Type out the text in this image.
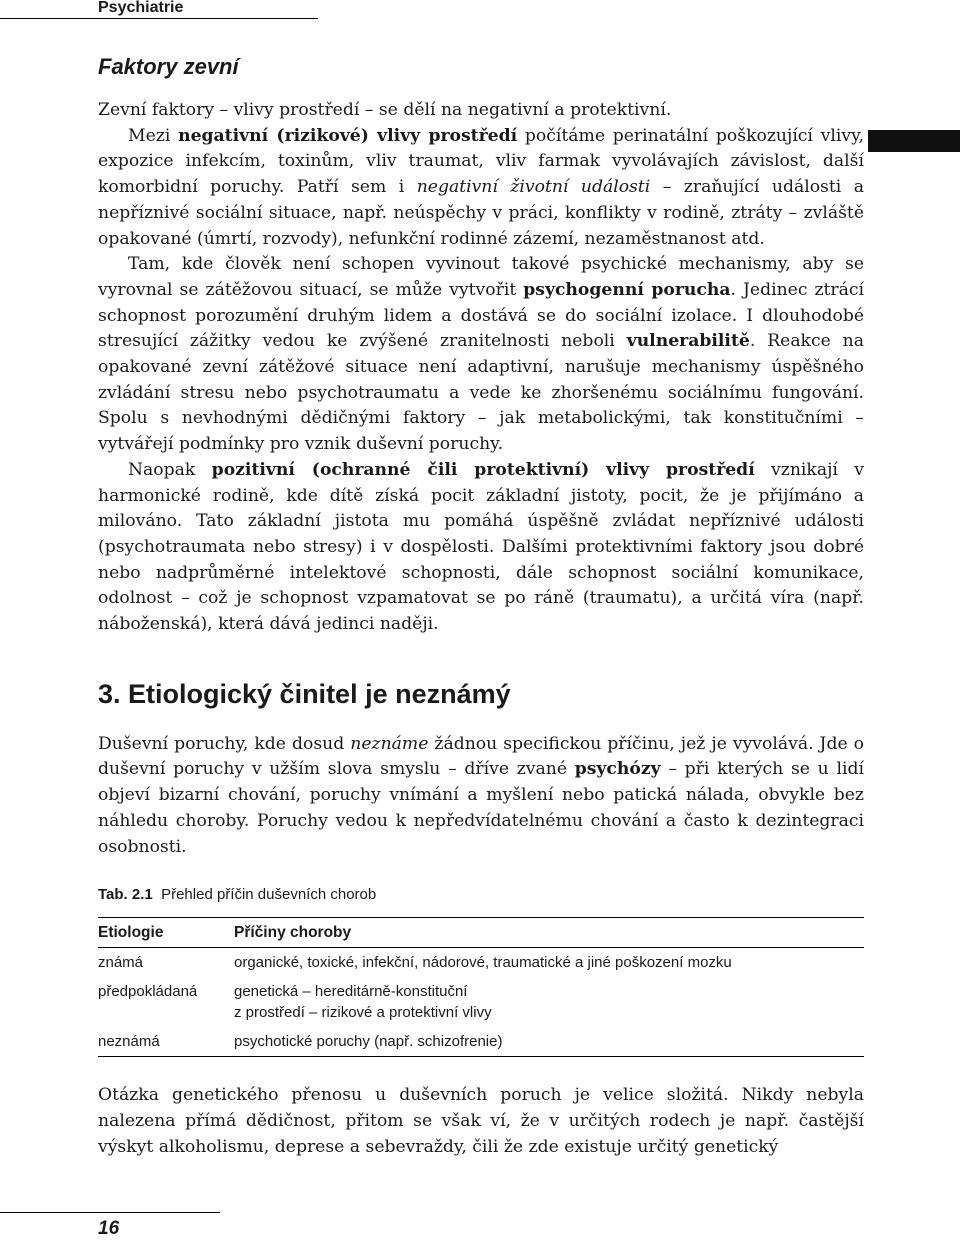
Psychiatrie
Faktory zevní

Zevní faktory – vlivy prostředí – se dělí na negativní a protektivní.

Mezi negativní (rizikové) vlivy prostředí počítáme perinatální poškozující vlivy, expozice infekcím, toxinům, vliv traumat, vliv farmak vyvolávajích závislost, další komorbidní poruchy. Patří sem i negativní životní události – zraňující události a nepříznivé sociální situace, např. neúspěchy v práci, konflikty v rodině, ztráty – zvláště opakované (úmrtí, rozvody), nefunkční rodinné zázemí, nezaměstnanost atd.

Tam, kde člověk není schopen vyvinout takové psychické mechanismy, aby se vyrovnal se zátěžovou situací, se může vytvořit psychogenní porucha. Jedinec ztrácí schopnost porozumění druhým lidem a dostává se do sociální izolace. I dlouhodobé stresující zážitky vedou ke zvýšené zranitelnosti neboli vulnerabilitě. Reakce na opakované zevní zátěžové situace není adaptivní, narušuje mechanismy úspěšného zvládání stresu nebo psychotraumatu a vede ke zhoršenému sociálnímu fungování. Spolu s nevhodnými dědičnými faktory – jak metabolickými, tak konstitučními – vytvářejí podmínky pro vznik duševní poruchy.

Naopak pozitivní (ochranné čili protektivní) vlivy prostředí vznikají v harmonické rodině, kde dítě získá pocit základní jistoty, pocit, že je přijímáno a milováno. Tato základní jistota mu pomáhá úspěšně zvládat nepříznivé události (psychotraumata nebo stresy) i v dospělosti. Dalšími protektivními faktory jsou dobré nebo nadprůměrné intelektové schopnosti, dále schopnost sociální komunikace, odolnost – což je schopnost vzpamatovat se po ráně (traumatu), a určitá víra (např. náboženská), která dává jedinci naději.

3. Etiologický činitel je neznámý

Duševní poruchy, kde dosud neznáme žádnou specifickou příčinu, jež je vyvolává. Jde o duševní poruchy v užším slova smyslu – dříve zvané psychózy – při kterých se u lidí objeví bizarní chování, poruchy vnímání a myšlení nebo patická nálada, obvykle bez náhledu choroby. Poruchy vedou k nepředvídatelnému chování a často k dezintegraci osobnosti.

Tab. 2.1 Přehled příčin duševních chorob
Etiologie	Příčiny choroby
známá	organické, toxické, infekční, nádorové, traumatické a jiné poškození mozku

předpokládaná	genetická – hereditárně-konstituční
z prostředí – rizikové a protektivní vlivy

neznámá	psychotické poruchy (např. schizofrenie)

Otázka genetického přenosu u duševních poruch je velice složitá. Nikdy nebyla nalezena přímá dědičnost, přitom se však ví, že v určitých rodech je např. častější výskyt alkoholismu, deprese a sebevraždy, čili že zde existuje určitý genetický

16
